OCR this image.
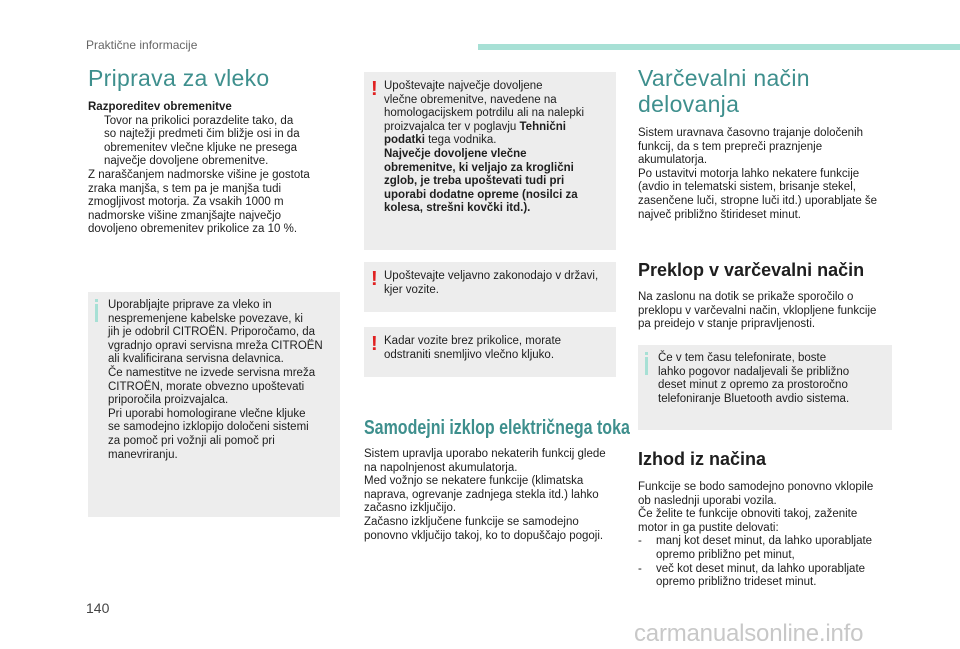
Praktične informacije
Priprava za vleko

Razporeditev obremenitve

Tovor na prikolici porazdelite tako, da
so najtežji predmeti čim bližje osi in da
obremenitev vlečne kljuke ne presega
največje dovoljene obremenitve.

Z naraščanjem nadmorske višine je gostota

zraka manjša, s tem pa je manjša tudi

zmogljivost motorja. Za vsakih 1000 m

nadmorske višine zmanjšajte največjo

dovoljeno obremenitev prikolice za 10 %.

Uporabljajte priprave za vleko in
nespremenjene kabelske povezave, ki
jih je odobril CITROËN. Priporočamo, da
vgradnjo opravi servisna mreža CITROËN
ali kvalificirana servisna delavnica.
Če namestitve ne izvede servisna mreža
CITROËN, morate obvezno upoštevati
priporočila proizvajalca.
Pri uporabi homologirane vlečne kljuke
se samodejno izklopijo določeni sistemi
za pomoč pri vožnji ali pomoč pri
manevriranju.
! Upoštevajte največje dovoljene
vlečne obremenitve, navedene na
homologacijskem potrdilu ali na nalepki
proizvajalca ter v poglavju Tehnični
podatki tega vodnika.
Največje dovoljene vlečne
obremenitve, ki veljajo za kroglični
zglob, je treba upoštevati tudi pri
uporabi dodatne opreme (nosilci za
kolesa, strešni kovčki itd.).
! Upoštevajte veljavno zakonodajo v državi,
kjer vozite.
! Kadar vozite brez prikolice, morate
odstraniti snemljivo vlečno kljuko.
Samodejni izklop električnega toka

Sistem upravlja uporabo nekaterih funkcij glede

na napolnjenost akumulatorja.

Med vožnjo se nekatere funkcije (klimatska

naprava, ogrevanje zadnjega stekla itd.) lahko

začasno izključijo.

Začasno izključene funkcije se samodejno

ponovno vključijo takoj, ko to dopuščajo pogoji.

Varčevalni način delovanja

Sistem uravnava časovno trajanje določenih

funkcij, da s tem prepreči praznjenje

akumulatorja.

Po ustavitvi motorja lahko nekatere funkcije

(avdio in telematski sistem, brisanje stekel,

zasenčene luči, stropne luči itd.) uporabljate še

največ približno štirideset minut.

Preklop v varčevalni način

Na zaslonu na dotik se prikaže sporočilo o

preklopu v varčevalni način, vklopljene funkcije

pa preidejo v stanje pripravljenosti.

Če v tem času telefonirate, boste
lahko pogovor nadaljevali še približno
deset minut z opremo za prostoročno
telefoniranje Bluetooth avdio sistema.
Izhod iz načina

Funkcije se bodo samodejno ponovno vklopile

ob naslednji uporabi vozila.

Če želite te funkcije obnoviti takoj, zaženite

motor in ga pustite delovati:

-	manj kot deset minut, da lahko uporabljate
opremo približno pet minut,
-	več kot deset minut, da lahko uporabljate
opremo približno trideset minut.
140
carmanualsonline.info
